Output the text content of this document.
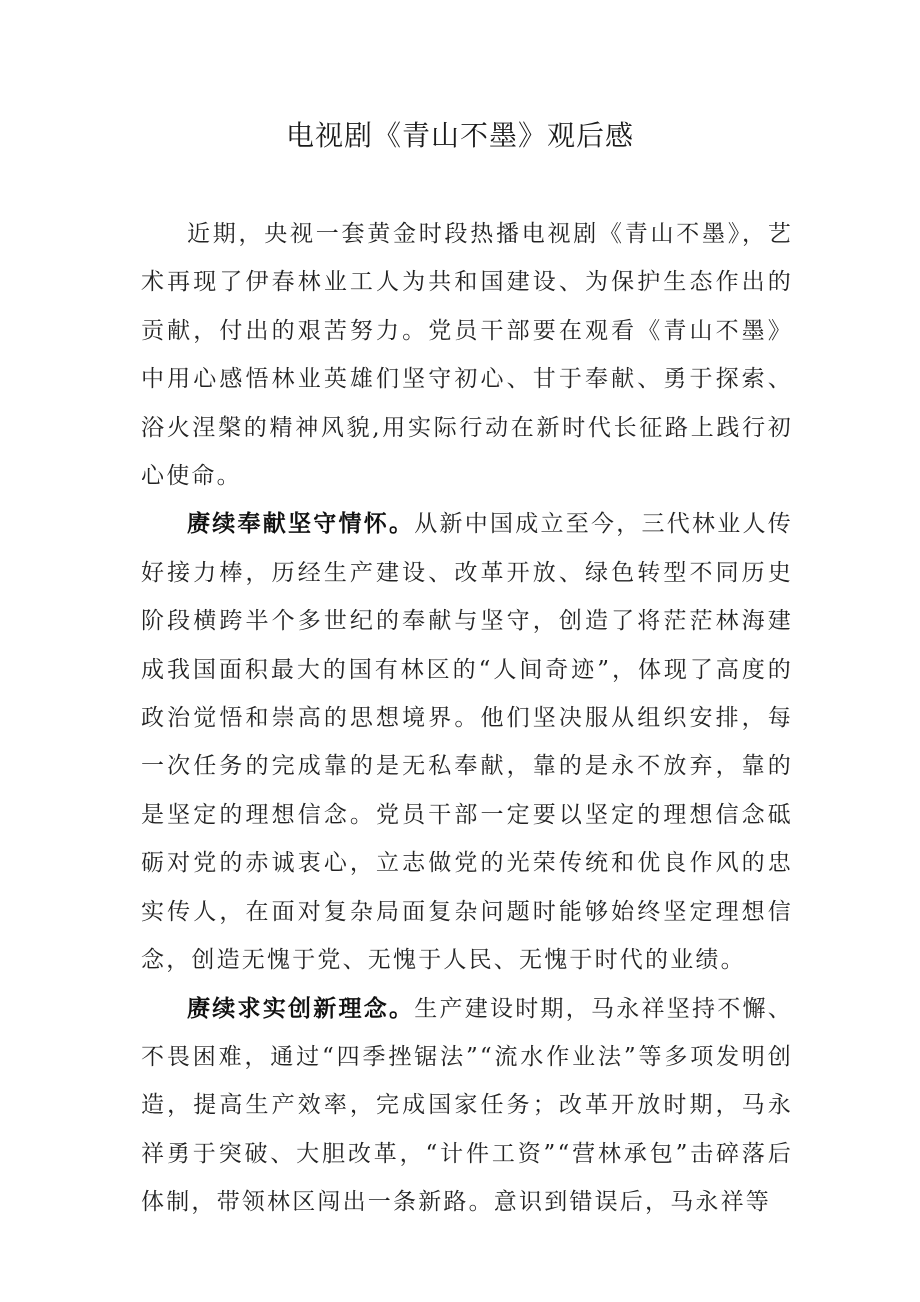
电视剧《青山不墨》观后感

近期，央视一套黄金时段热播电视剧《青山不墨》，艺术再现了伊春林业工人为共和国建设、为保护生态作出的贡献，付出的艰苦努力。党员干部要在观看《青山不墨》中用心感悟林业英雄们坚守初心、甘于奉献、勇于探索、浴火涅槃的精神风貌,用实际行动在新时代长征路上践行初心使命。

赓续奉献坚守情怀。从新中国成立至今，三代林业人传好接力棒，历经生产建设、改革开放、绿色转型不同历史阶段横跨半个多世纪的奉献与坚守，创造了将茫茫林海建成我国面积最大的国有林区的“人间奇迹”，体现了高度的政治觉悟和崇高的思想境界。他们坚决服从组织安排，每一次任务的完成靠的是无私奉献，靠的是永不放弃，靠的是坚定的理想信念。党员干部一定要以坚定的理想信念砥砺对党的赤诚衷心，立志做党的光荣传统和优良作风的忠实传人，在面对复杂局面复杂问题时能够始终坚定理想信念，创造无愧于党、无愧于人民、无愧于时代的业绩。

赓续求实创新理念。生产建设时期，马永祥坚持不懈、不畏困难，通过“四季挫锯法”“流水作业法”等多项发明创造，提高生产效率，完成国家任务；改革开放时期，马永祥勇于突破、大胆改革，“计件工资”“营林承包”击碎落后体制，带领林区闯出一条新路。意识到错误后，马永祥等
